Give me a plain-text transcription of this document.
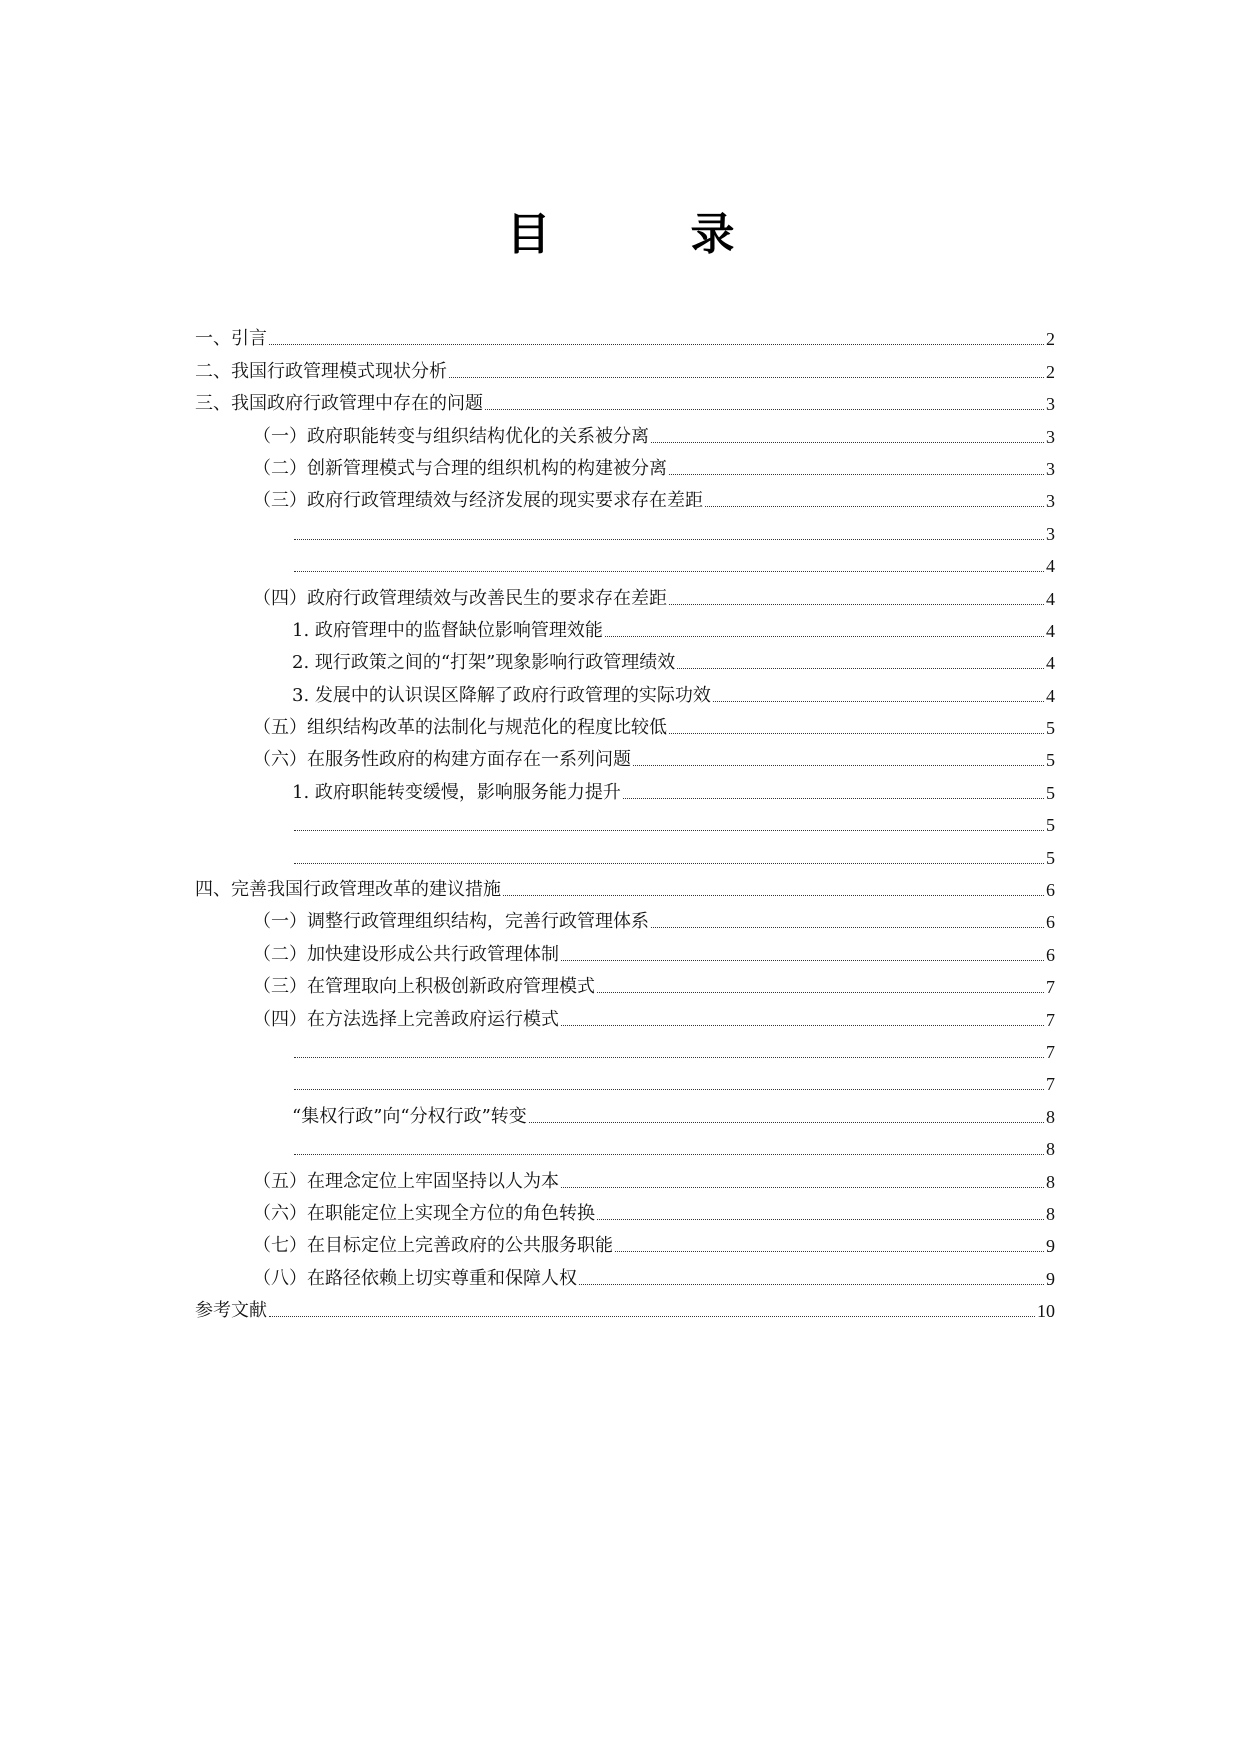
目　录
一、引言	2
二、我国行政管理模式现状分析	2
三、我国政府行政管理中存在的问题	3
（一）政府职能转变与组织结构优化的关系被分离	3
（二）创新管理模式与合理的组织机构的构建被分离	3
（三）政府行政管理绩效与经济发展的现实要求存在差距	3
3
4
（四）政府行政管理绩效与改善民生的要求存在差距	4
1. 政府管理中的监督缺位影响管理效能	4
2. 现行政策之间的“打架”现象影响行政管理绩效	4
3. 发展中的认识误区降解了政府行政管理的实际功效	4
（五）组织结构改革的法制化与规范化的程度比较低	5
（六）在服务性政府的构建方面存在一系列问题	5
1. 政府职能转变缓慢，影响服务能力提升	5
5
5
四、完善我国行政管理改革的建议措施	6
（一）调整行政管理组织结构，完善行政管理体系	6
（二）加快建设形成公共行政管理体制	6
（三）在管理取向上积极创新政府管理模式	7
（四）在方法选择上完善政府运行模式	7
7
7
“集权行政”向“分权行政”转变	8
8
（五）在理念定位上牢固坚持以人为本	8
（六）在职能定位上实现全方位的角色转换	8
（七）在目标定位上完善政府的公共服务职能	9
（八）在路径依赖上切实尊重和保障人权	9
参考文献	10
